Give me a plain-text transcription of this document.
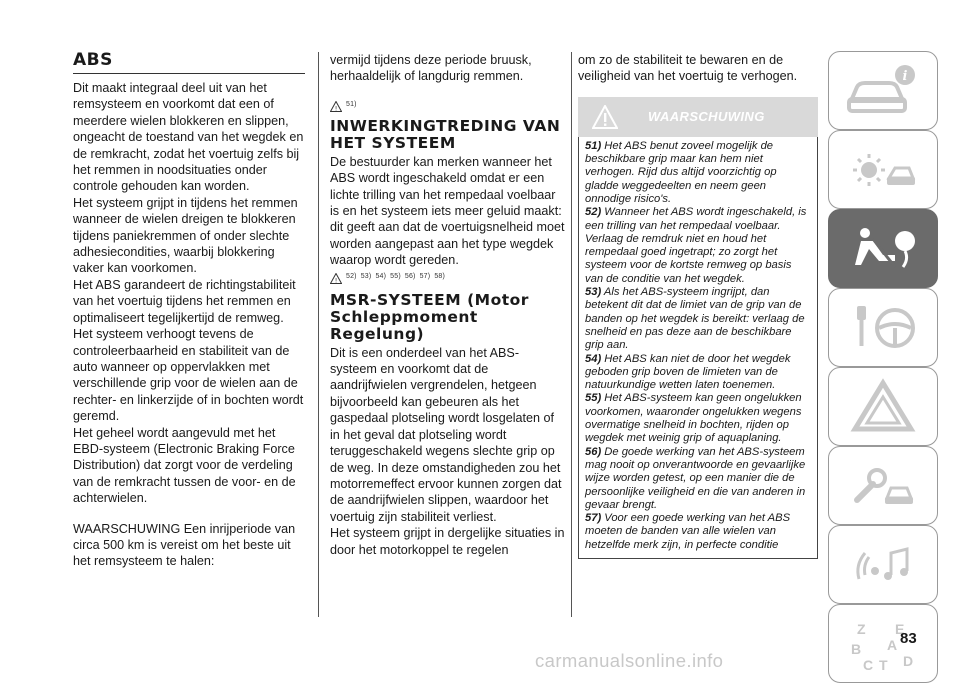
ABS

Dit maakt integraal deel uit van het remsysteem en voorkomt dat een of meerdere wielen blokkeren en slippen, ongeacht de toestand van het wegdek en de remkracht, zodat het voertuig zelfs bij het remmen in noodsituaties onder controle gehouden kan worden.

Het systeem grijpt in tijdens het remmen wanneer de wielen dreigen te blokkeren tijdens paniekremmen of onder slechte adhesiecondities, waarbij blokkering vaker kan voorkomen.

Het ABS garandeert de richtingstabiliteit van het voertuig tijdens het remmen en optimaliseert tegelijkertijd de remweg.

Het systeem verhoogt tevens de controleerbaarheid en stabiliteit van de auto wanneer op oppervlakken met verschillende grip voor de wielen aan de rechter- en linkerzijde of in bochten wordt geremd.

Het geheel wordt aangevuld met het EBD-systeem (Electronic Braking Force Distribution) dat zorgt voor de verdeling van de remkracht tussen de voor- en de achterwielen.

WAARSCHUWING Een inrijperiode van circa 500 km is vereist om het beste uit het remsysteem te halen:

vermijd tijdens deze periode bruusk, herhaaldelijk of langdurig remmen.

! 51)
INWERKINGTREDING VAN HET SYSTEEM

De bestuurder kan merken wanneer het ABS wordt ingeschakeld omdat er een lichte trilling van het rempedaal voelbaar is en het systeem iets meer geluid maakt: dit geeft aan dat de voertuigsnelheid moet worden aangepast aan het type wegdek waarop wordt gereden.

! 52) 53) 54) 55) 56) 57) 58)
MSR-SYSTEEM (Motor Schleppmoment Regelung)

Dit is een onderdeel van het ABS-systeem en voorkomt dat de aandrijfwielen vergrendelen, hetgeen bijvoorbeeld kan gebeuren als het gaspedaal plotseling wordt losgelaten of in het geval dat plotseling wordt teruggeschakeld wegens slechte grip op de weg. In deze omstandigheden zou het motorremeffect ervoor kunnen zorgen dat de aandrijfwielen slippen, waardoor het voertuig zijn stabiliteit verliest.

Het systeem grijpt in dergelijke situaties in door het motorkoppel te regelen

om zo de stabiliteit te bewaren en de veiligheid van het voertuig te verhogen.

WAARSCHUWING

51) Het ABS benut zoveel mogelijk de beschikbare grip maar kan hem niet verhogen. Rijd dus altijd voorzichtig op gladde weggedeelten en neem geen onnodige risico's.

52) Wanneer het ABS wordt ingeschakeld, is een trilling van het rempedaal voelbaar. Verlaag de remdruk niet en houd het rempedaal goed ingetrapt; zo zorgt het systeem voor de kortste remweg op basis van de conditie van het wegdek.

53) Als het ABS-systeem ingrijpt, dan betekent dit dat de limiet van de grip van de banden op het wegdek is bereikt: verlaag de snelheid en pas deze aan de beschikbare grip aan.

54) Het ABS kan niet de door het wegdek geboden grip boven de limieten van de natuurkundige wetten laten toenemen.

55) Het ABS-systeem kan geen ongelukken voorkomen, waaronder ongelukken wegens overmatige snelheid in bochten, rijden op wegdek met weinig grip of aquaplaning.

56) De goede werking van het ABS-systeem mag nooit op onverantwoorde en gevaarlijke wijze worden getest, op een manier die de persoonlijke veiligheid en die van anderen in gevaar brengt.

57) Voor een goede werking van het ABS moeten de banden van alle wielen van hetzelfde merk zijn, in perfecte conditie

i
Z E
B A
C T D
83
carmanualsonline.info
